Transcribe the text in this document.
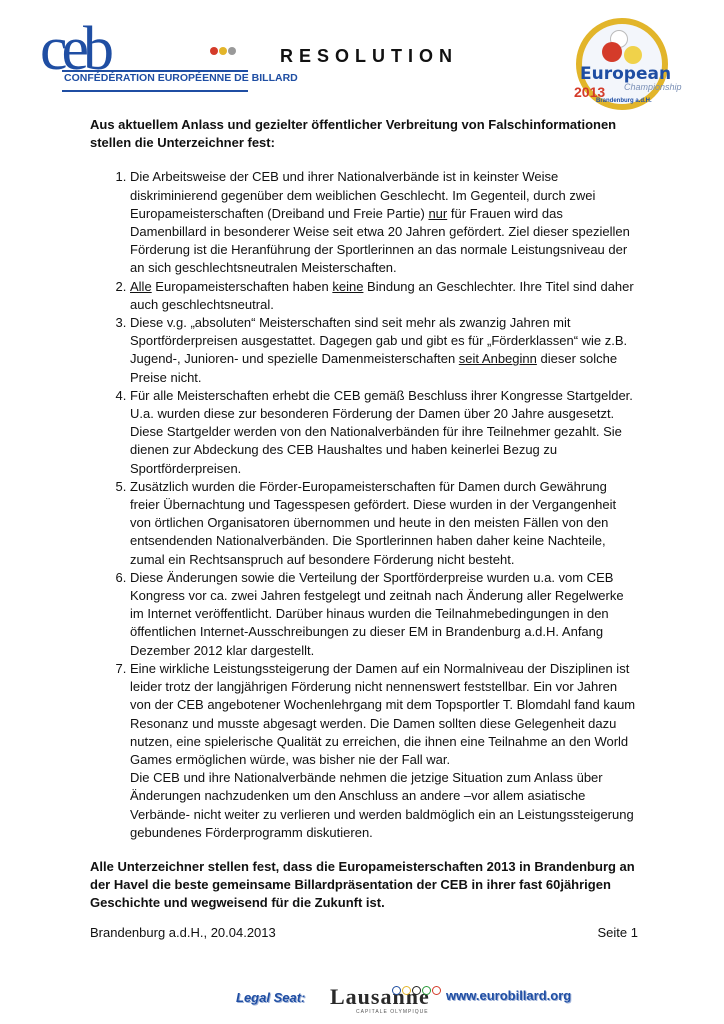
ceb
CONFÉDÉRATION EUROPÉENNE DE BILLARD
RESOLUTION
European
2013 Championship
Brandenburg a.d.H.

Aus aktuellem Anlass und gezielter öffentlicher Verbreitung von Falschinformationen stellen die Unterzeichner fest:

1. Die Arbeitsweise der CEB und ihrer Nationalverbände ist in keinster Weise diskriminierend gegenüber dem weiblichen Geschlecht. Im Gegenteil, durch zwei Europameisterschaften (Dreiband und Freie Partie) nur für Frauen wird das Damenbillard in besonderer Weise seit etwa 20 Jahren gefördert. Ziel dieser speziellen Förderung ist die Heranführung der Sportlerinnen an das normale Leistungsniveau der an sich geschlechtsneutralen Meisterschaften.
2. Alle Europameisterschaften haben keine Bindung an Geschlechter. Ihre Titel sind daher auch geschlechtsneutral.
3. Diese v.g. „absoluten“ Meisterschaften sind seit mehr als zwanzig Jahren mit Sportförderpreisen ausgestattet. Dagegen gab und gibt es für „Förderklassen“ wie z.B. Jugend-, Junioren- und spezielle Damenmeisterschaften seit Anbeginn dieser solche Preise nicht.
4. Für alle Meisterschaften erhebt die CEB gemäß Beschluss ihrer Kongresse Startgelder. U.a. wurden diese zur besonderen Förderung der Damen über 20 Jahre ausgesetzt. Diese Startgelder werden von den Nationalverbänden für ihre Teilnehmer gezahlt. Sie dienen zur Abdeckung des CEB Haushaltes und haben keinerlei Bezug zu Sportförderpreisen.
5. Zusätzlich wurden die Förder-Europameisterschaften für Damen durch Gewährung freier Übernachtung und Tagesspesen gefördert. Diese wurden in der Vergangenheit von örtlichen Organisatoren übernommen und heute in den meisten Fällen von den entsendenden Nationalverbänden. Die Sportlerinnen haben daher keine Nachteile, zumal ein Rechtsanspruch auf besondere Förderung nicht besteht.
6. Diese Änderungen sowie die Verteilung der Sportförderpreise wurden u.a. vom CEB Kongress vor ca. zwei Jahren festgelegt und zeitnah nach Änderung aller Regelwerke im Internet veröffentlicht. Darüber hinaus wurden die Teilnahmebedingungen in den öffentlichen Internet-Ausschreibungen zu dieser EM in Brandenburg a.d.H. Anfang Dezember 2012 klar dargestellt.
7. Eine wirkliche Leistungssteigerung der Damen auf ein Normalniveau der Disziplinen ist leider trotz der langjährigen Förderung nicht nennenswert feststellbar. Ein vor Jahren von der CEB angebotener Wochenlehrgang mit dem Topsportler T. Blomdahl fand kaum Resonanz und musste abgesagt werden. Die Damen sollten diese Gelegenheit dazu nutzen, eine spielerische Qualität zu erreichen, die ihnen eine Teilnahme an den World Games ermöglichen würde, was bisher nie der Fall war.
Die CEB und ihre Nationalverbände nehmen die jetzige Situation zum Anlass über Änderungen nachzudenken um den Anschluss an andere –vor allem asiatische Verbände- nicht weiter zu verlieren und werden baldmöglich ein an Leistungssteigerung gebundenes Förderprogramm diskutieren.

Alle Unterzeichner stellen fest, dass die Europameisterschaften 2013 in Brandenburg an der Havel die beste gemeinsame Billardpräsentation der CEB in ihrer fast 60jährigen Geschichte und wegweisend für die Zukunft ist.

Brandenburg a.d.H., 20.04.2013	Seite 1
Legal Seat: Lausanne
CAPITALE OLYMPIQUE
www.eurobillard.org
